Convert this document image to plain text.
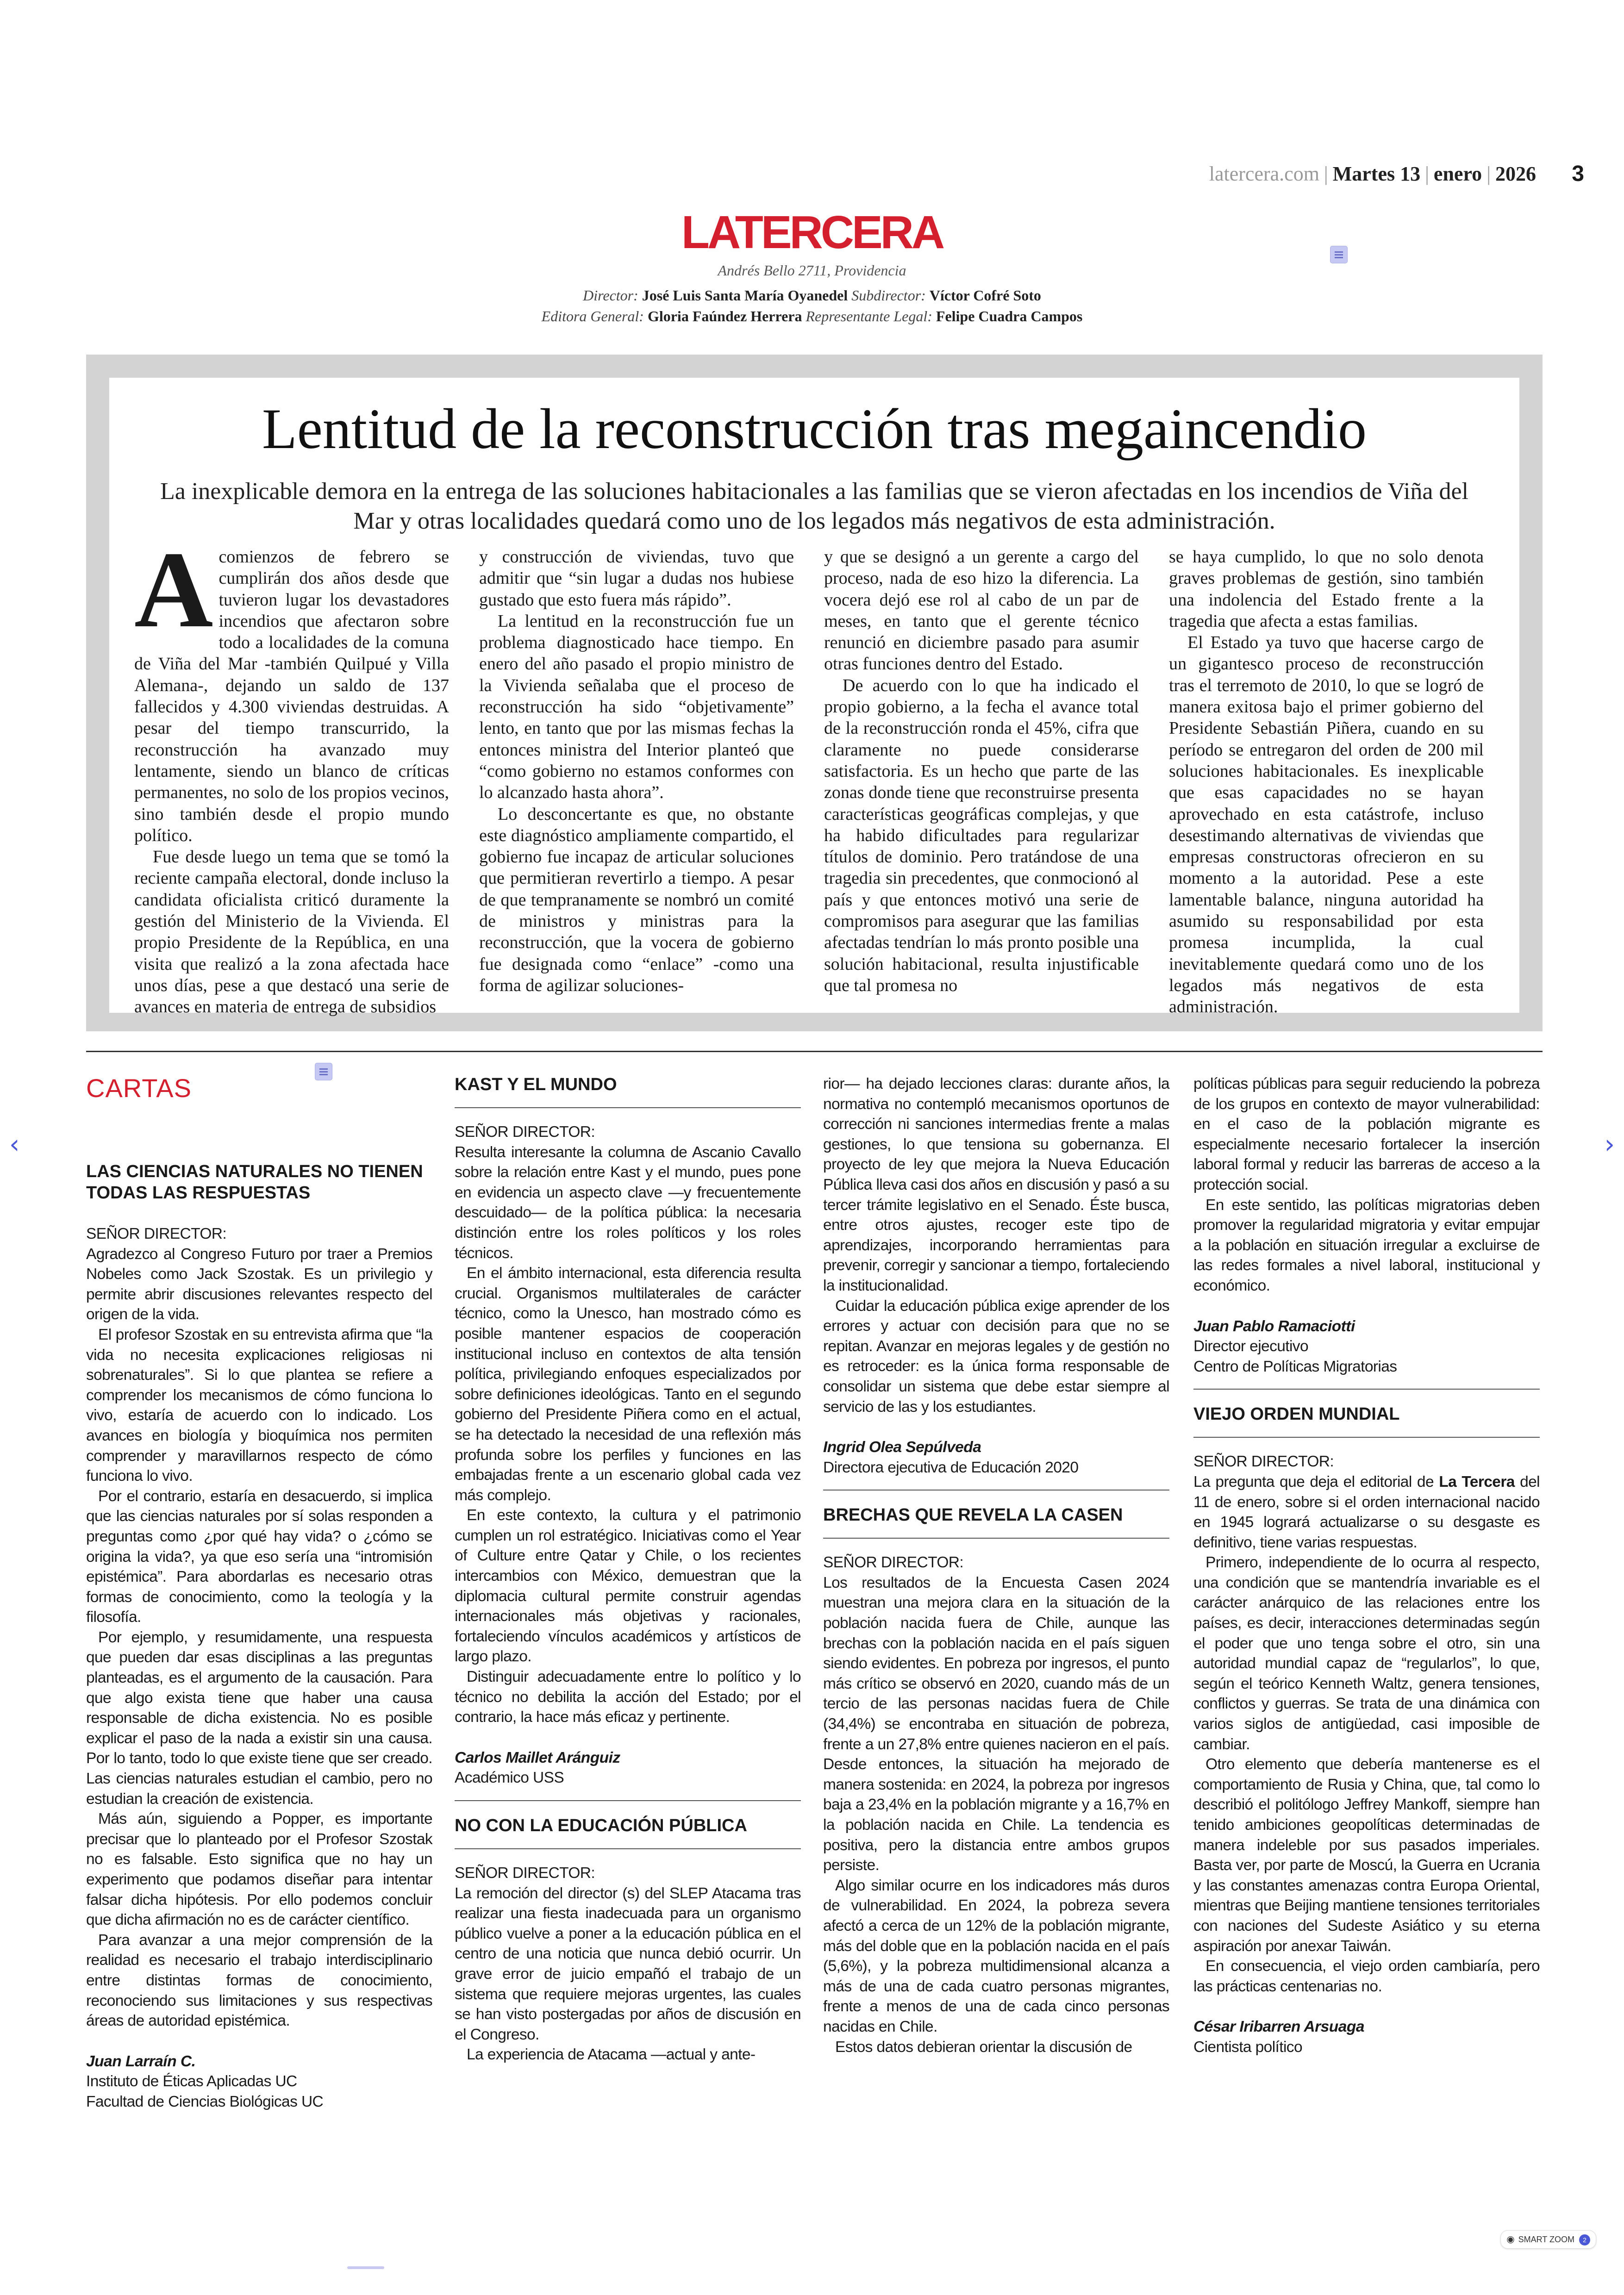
latercera.com | Martes 13 | enero | 2026 3
LATERCERA
Andrés Bello 2711, Providencia
Director: José Luis Santa María Oyanedel Subdirector: Víctor Cofré Soto
Editora General: Gloria Faúndez Herrera Representante Legal: Felipe Cuadra Campos
Lentitud de la reconstrucción tras megaincendio

La inexplicable demora en la entrega de las soluciones habitacionales a las familias que se vieron afectadas en los incendios de Viña del Mar y otras localidades quedará como uno de los legados más negativos de esta administración.

A comienzos de febrero se cumplirán dos años desde que tuvieron lugar los devastadores incendios que afectaron sobre todo a localidades de la comuna de Viña del Mar -también Quilpué y Villa Alemana-, dejando un saldo de 137 fallecidos y 4.300 viviendas destruidas. A pesar del tiempo transcurrido, la reconstrucción ha avanzado muy lentamente, siendo un blanco de críticas permanentes, no solo de los propios vecinos, sino también desde el propio mundo político.

Fue desde luego un tema que se tomó la reciente campaña electoral, donde incluso la candidata oficialista criticó duramente la gestión del Ministerio de la Vivienda. El propio Presidente de la República, en una visita que realizó a la zona afectada hace unos días, pese a que destacó una serie de avances en materia de entrega de subsidios

y construcción de viviendas, tuvo que admitir que “sin lugar a dudas nos hubiese gustado que esto fuera más rápido”.

La lentitud en la reconstrucción fue un problema diagnosticado hace tiempo. En enero del año pasado el propio ministro de la Vivienda señalaba que el proceso de reconstrucción ha sido “objetivamente” lento, en tanto que por las mismas fechas la entonces ministra del Interior planteó que “como gobierno no estamos conformes con lo alcanzado hasta ahora”.

Lo desconcertante es que, no obstante este diagnóstico ampliamente compartido, el gobierno fue incapaz de articular soluciones que permitieran revertirlo a tiempo. A pesar de que tempranamente se nombró un comité de ministros y ministras para la reconstrucción, que la vocera de gobierno fue designada como “enlace” -como una forma de agilizar soluciones-

y que se designó a un gerente a cargo del proceso, nada de eso hizo la diferencia. La vocera dejó ese rol al cabo de un par de meses, en tanto que el gerente técnico renunció en diciembre pasado para asumir otras funciones dentro del Estado.

De acuerdo con lo que ha indicado el propio gobierno, a la fecha el avance total de la reconstrucción ronda el 45%, cifra que claramente no puede considerarse satisfactoria. Es un hecho que parte de las zonas donde tiene que reconstruirse presenta características geográficas complejas, y que ha habido dificultades para regularizar títulos de dominio. Pero tratándose de una tragedia sin precedentes, que conmocionó al país y que entonces motivó una serie de compromisos para asegurar que las familias afectadas tendrían lo más pronto posible una solución habitacional, resulta injustificable que tal promesa no

se haya cumplido, lo que no solo denota graves problemas de gestión, sino también una indolencia del Estado frente a la tragedia que afecta a estas familias.

El Estado ya tuvo que hacerse cargo de un gigantesco proceso de reconstrucción tras el terremoto de 2010, lo que se logró de manera exitosa bajo el primer gobierno del Presidente Sebastián Piñera, cuando en su período se entregaron del orden de 200 mil soluciones habitacionales. Es inexplicable que esas capacidades no se hayan aprovechado en esta catástrofe, incluso desestimando alternativas de viviendas que empresas constructoras ofrecieron en su momento a la autoridad. Pese a este lamentable balance, ninguna autoridad ha asumido su responsabilidad por esta promesa incumplida, la cual inevitablemente quedará como uno de los legados más negativos de esta administración.

CARTAS

LAS CIENCIAS NATURALES NO TIENEN TODAS LAS RESPUESTAS

SEÑOR DIRECTOR:

Agradezco al Congreso Futuro por traer a Premios Nobeles como Jack Szostak. Es un privilegio y permite abrir discusiones relevantes respecto del origen de la vida.

El profesor Szostak en su entrevista afirma que “la vida no necesita explicaciones religiosas ni sobrenaturales”. Si lo que plantea se refiere a comprender los mecanismos de cómo funciona lo vivo, estaría de acuerdo con lo indicado. Los avances en biología y bioquímica nos permiten comprender y maravillarnos respecto de cómo funciona lo vivo.

Por el contrario, estaría en desacuerdo, si implica que las ciencias naturales por sí solas responden a preguntas como ¿por qué hay vida? o ¿cómo se origina la vida?, ya que eso sería una “intromisión epistémica”. Para abordarlas es necesario otras formas de conocimiento, como la teología y la filosofía.

Por ejemplo, y resumidamente, una respuesta que pueden dar esas disciplinas a las preguntas planteadas, es el argumento de la causación. Para que algo exista tiene que haber una causa responsable de dicha existencia. No es posible explicar el paso de la nada a existir sin una causa. Por lo tanto, todo lo que existe tiene que ser creado. Las ciencias naturales estudian el cambio, pero no estudian la creación de existencia.

Más aún, siguiendo a Popper, es importante precisar que lo planteado por el Profesor Szostak no es falsable. Esto significa que no hay un experimento que podamos diseñar para intentar falsar dicha hipótesis. Por ello podemos concluir que dicha afirmación no es de carácter científico.

Para avanzar a una mejor comprensión de la realidad es necesario el trabajo interdisciplinario entre distintas formas de conocimiento, reconociendo sus limitaciones y sus respectivas áreas de autoridad epistémica.

Juan Larraín C.

Instituto de Éticas Aplicadas UC

Facultad de Ciencias Biológicas UC

KAST Y EL MUNDO

SEÑOR DIRECTOR:

Resulta interesante la columna de Ascanio Cavallo sobre la relación entre Kast y el mundo, pues pone en evidencia un aspecto clave —y frecuentemente descuidado— de la política pública: la necesaria distinción entre los roles políticos y los roles técnicos.

En el ámbito internacional, esta diferencia resulta crucial. Organismos multilaterales de carácter técnico, como la Unesco, han mostrado cómo es posible mantener espacios de cooperación institucional incluso en contextos de alta tensión política, privilegiando enfoques especializados por sobre definiciones ideológicas. Tanto en el segundo gobierno del Presidente Piñera como en el actual, se ha detectado la necesidad de una reflexión más profunda sobre los perfiles y funciones en las embajadas frente a un escenario global cada vez más complejo.

En este contexto, la cultura y el patrimonio cumplen un rol estratégico. Iniciativas como el Year of Culture entre Qatar y Chile, o los recientes intercambios con México, demuestran que la diplomacia cultural permite construir agendas internacionales más objetivas y racionales, fortaleciendo vínculos académicos y artísticos de largo plazo.

Distinguir adecuadamente entre lo político y lo técnico no debilita la acción del Estado; por el contrario, la hace más eficaz y pertinente.

Carlos Maillet Aránguiz

Académico USS

NO CON LA EDUCACIÓN PÚBLICA

SEÑOR DIRECTOR:

La remoción del director (s) del SLEP Atacama tras realizar una fiesta inadecuada para un organismo público vuelve a poner a la educación pública en el centro de una noticia que nunca debió ocurrir. Un grave error de juicio empañó el trabajo de un sistema que requiere mejoras urgentes, las cuales se han visto postergadas por años de discusión en el Congreso.

La experiencia de Atacama —actual y ante-

rior— ha dejado lecciones claras: durante años, la normativa no contempló mecanismos oportunos de corrección ni sanciones intermedias frente a malas gestiones, lo que tensiona su gobernanza. El proyecto de ley que mejora la Nueva Educación Pública lleva casi dos años en discusión y pasó a su tercer trámite legislativo en el Senado. Éste busca, entre otros ajustes, recoger este tipo de aprendizajes, incorporando herramientas para prevenir, corregir y sancionar a tiempo, fortaleciendo la institucionalidad.

Cuidar la educación pública exige aprender de los errores y actuar con decisión para que no se repitan. Avanzar en mejoras legales y de gestión no es retroceder: es la única forma responsable de consolidar un sistema que debe estar siempre al servicio de las y los estudiantes.

Ingrid Olea Sepúlveda

Directora ejecutiva de Educación 2020

BRECHAS QUE REVELA LA CASEN

SEÑOR DIRECTOR:

Los resultados de la Encuesta Casen 2024 muestran una mejora clara en la situación de la población nacida fuera de Chile, aunque las brechas con la población nacida en el país siguen siendo evidentes. En pobreza por ingresos, el punto más crítico se observó en 2020, cuando más de un tercio de las personas nacidas fuera de Chile (34,4%) se encontraba en situación de pobreza, frente a un 27,8% entre quienes nacieron en el país. Desde entonces, la situación ha mejorado de manera sostenida: en 2024, la pobreza por ingresos baja a 23,4% en la población migrante y a 16,7% en la población nacida en Chile. La tendencia es positiva, pero la distancia entre ambos grupos persiste.

Algo similar ocurre en los indicadores más duros de vulnerabilidad. En 2024, la pobreza severa afectó a cerca de un 12% de la población migrante, más del doble que en la población nacida en el país (5,6%), y la pobreza multidimensional alcanza a más de una de cada cuatro personas migrantes, frente a menos de una de cada cinco personas nacidas en Chile.

Estos datos debieran orientar la discusión de

políticas públicas para seguir reduciendo la pobreza de los grupos en contexto de mayor vulnerabilidad: en el caso de la población migrante es especialmente necesario fortalecer la inserción laboral formal y reducir las barreras de acceso a la protección social.

En este sentido, las políticas migratorias deben promover la regularidad migratoria y evitar empujar a la población en situación irregular a excluirse de las redes formales a nivel laboral, institucional y económico.

Juan Pablo Ramaciotti

Director ejecutivo

Centro de Políticas Migratorias

VIEJO ORDEN MUNDIAL

SEÑOR DIRECTOR:

La pregunta que deja el editorial de La Tercera del 11 de enero, sobre si el orden internacional nacido en 1945 logrará actualizarse o su desgaste es definitivo, tiene varias respuestas.

Primero, independiente de lo ocurra al respecto, una condición que se mantendría invariable es el carácter anárquico de las relaciones entre los países, es decir, interacciones determinadas según el poder que uno tenga sobre el otro, sin una autoridad mundial capaz de “regularlos”, lo que, según el teórico Kenneth Waltz, genera tensiones, conflictos y guerras. Se trata de una dinámica con varios siglos de antigüedad, casi imposible de cambiar.

Otro elemento que debería mantenerse es el comportamiento de Rusia y China, que, tal como lo describió el politólogo Jeffrey Mankoff, siempre han tenido ambiciones geopolíticas determinadas de manera indeleble por sus pasados imperiales. Basta ver, por parte de Moscú, la Guerra en Ucrania y las constantes amenazas contra Europa Oriental, mientras que Beijing mantiene tensiones territoriales con naciones del Sudeste Asiático y su eterna aspiración por anexar Taiwán.

En consecuencia, el viejo orden cambiaría, pero las prácticas centenarias no.

César Iribarren Arsuaga

Cientista político

‹	›
◉ SMART ZOOM 2
